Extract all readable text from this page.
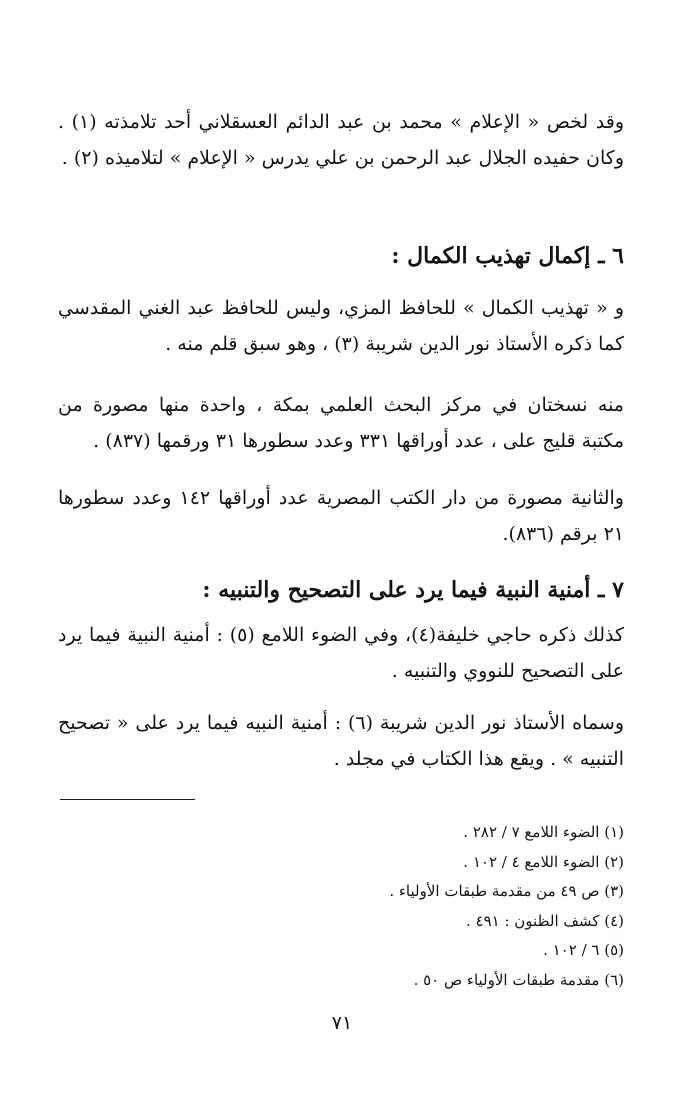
وقد لخص « الإعلام » محمد بن عبد الدائم العسقلاني أحد تلامذته (١) . وكان حفيده الجلال عبد الرحمن بن علي يدرس « الإعلام » لتلاميذه (٢) .

٦ ـ إكمال تهذيب الكمال :

و « تهذيب الكمال » للحافظ المزي، وليس للحافظ عبد الغني المقدسي كما ذكره الأستاذ نور الدين شريبة (٣) ، وهو سبق قلم منه .

منه نسختان في مركز البحث العلمي بمكة ، واحدة منها مصورة من مكتبة قليج على ، عدد أوراقها ٣٣١ وعدد سطورها ٣١ ورقمها (٨٣٧) .

والثانية مصورة من دار الكتب المصرية عدد أوراقها ١٤٢ وعدد سطورها ٢١ برقم (٨٣٦).

٧ ـ أمنية النبية فيما يرد على التصحيح والتنبيه :

كذلك ذكره حاجي خليفة(٤)، وفي الضوء اللامع (٥) : أمنية النبية فيما يرد على التصحيح للنووي والتنبيه .

وسماه الأستاذ نور الدين شريبة (٦) : أمنية النبيه فيما يرد على « تصحيح التنبيه » . ويقع هذا الكتاب في مجلد .

(١) الضوء اللامع ٧ / ٢٨٢ .
(٢) الضوء اللامع ٤ / ١٠٢ .
(٣) ص ٤٩ من مقدمة طبقات الأولياء .
(٤) كشف الظنون : ٤٩١ .
(٥) ٦ / ١٠٢ .
(٦) مقدمة طبقات الأولياء ص ٥٠ .
٧١
